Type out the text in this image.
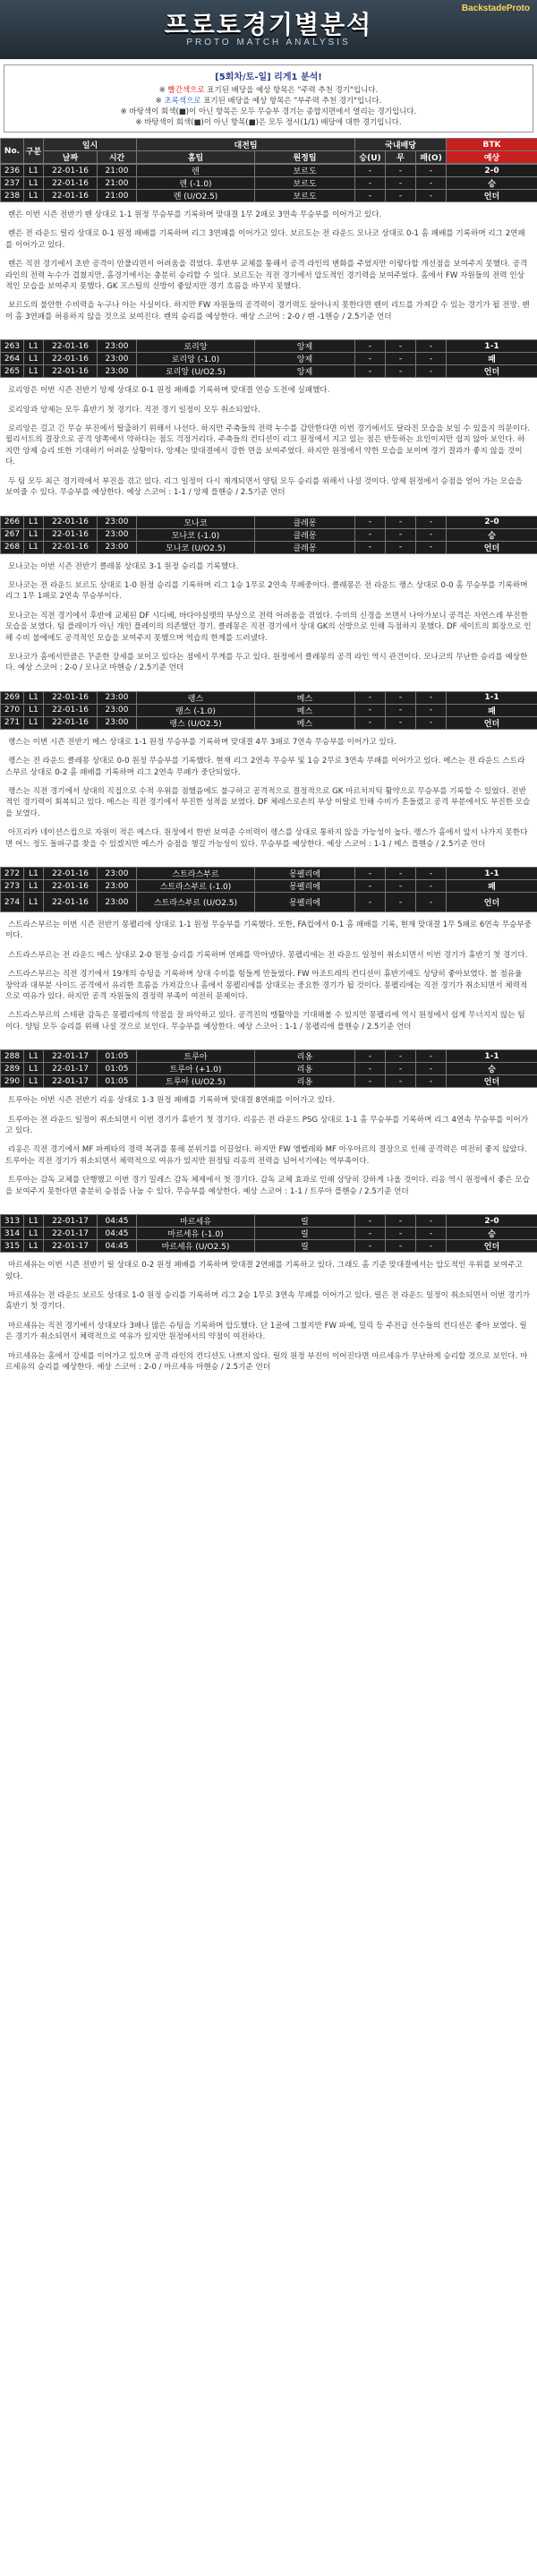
BackstadeProto
프로토경기별분석
PROTO MATCH ANALYSIS
[5회차/토-일] 리게1 분석!
※ 빨간색으로 표기된 배당을 예상 항목은 "주력 추천 경기"입니다.
※ 초록색으로 표기된 배당을 예상 항목은 "부주력 추천 경기"입니다.
※ 바탕색이 회색(■)이 아닌 항목은 모두 무승부 경기는 종합지면에서 열리는 경기입니다.
※ 바탕색이 회색(■)이 아닌 항목(■)은 모두 정시(1/1) 배당에 대한 경기입니다.
No.	구분	일시		대전팀		국내배당			BTK
		날짜	시간	홈팀	원정팀	승(U)	무	패(O)	예상
236	L1	22-01-16	21:00	렌	보르도	-	-	-	2-0
237	L1	22-01-16	21:00	렌 (-1.0)	보르도	-	-	-	승
238	L1	22-01-16	21:00	렌 (U/O2.5)	보르도	-	-	-	언더

렌은 이번 시즌 전반기 렌 상대로 1-1 원정 무승부를 기록하며 맞대결 1무 2패로 3연속 무승부를 이어가고 있다.

렌은 전 라운드 릴리 상대로 0-1 원정 패배를 기록하며 리그 3연패를 이어가고 있다. 보르도는 전 라운드 모나코 상대로 0-1 홈 패배를 기록하며 리그 2연패를 이어가고 있다.

렌은 직전 경기에서 초반 공격이 안풀리면서 어려움을 겪었다. 후반부 교체를 통해서 공격 라인의 변화를 주었지만 이렇다할 개선점을 보여주지 못했다. 공격라인의 전력 누수가 겹쳤지만, 홈경기에서는 충분히 승리할 수 있다. 보르도는 직전 경기에서 압도적인 경기력을 보여주었다. 홈에서 FW 자원들의 전력 인상적인 모습을 보여주지 못했다. GK 프스틸의 선방이 좋았지만 경기 흐름을 바꾸지 못했다.

보르도의 불안한 수비력을 누구나 아는 사실이다. 하지만 FW 자원들의 공격력이 경기력도 살아나지 못한다면 렌이 리드를 가져갈 수 있는 경기가 될 전망. 렌이 홈 3연패를 허용하지 않을 것으로 보여진다. 렌의 승리를 예상한다. 예상 스코어 : 2-0 / 렌 -1핸승 / 2.5기준 언더

263	L1	22-01-16	23:00	로리앙	앙제	-	-	-	1-1
264	L1	22-01-16	23:00	로리앙 (-1.0)	앙제	-	-	-	패
265	L1	22-01-16	23:00	로리앙 (U/O2.5)	앙제	-	-	-	언더

로리앙은 이번 시즌 전반기 앙제 상대로 0-1 원정 패배를 기록하며 맞대결 연승 도전에 실패했다.

로리앙과 앙제는 모두 휴반기 첫 경기다. 직전 경기 일정이 모두 취소되었다.

로리앙은 길고 긴 무승 부진에서 탈출하기 위해서 나선다. 하지만 주축들의 전력 누수를 감안한다면 이번 경기에서도 달라진 모습을 보일 수 있을지 의문이다. 윌리서트의 결장으로 공격 양쪽에서 약하다는 점도 걱정거리다. 주축들의 컨디션이 리그 원정에서 지고 있는 점은 반등하는 요인이지만 쉽지 않아 보인다. 하지만 앙제 승리 또한 기대하기 어려운 상황이다. 앙제는 맞대결에서 강한 면을 보여주었다. 하지만 원정에서 약한 모습을 보이며 경기 결과가 좋지 않을 것이다.

두 팀 모두 최근 경기력에서 부진을 겪고 있다. 리그 일정이 다시 재개되면서 양팀 모두 승리를 위해서 나설 것이다. 앙제 원정에서 승점을 얻어 가는 모습을 보여줄 수 있다. 무승부를 예상한다. 예상 스코어 : 1-1 / 앙제 플핸승 / 2.5기준 언더

266	L1	22-01-16	23:00	모나코	클레몽	-	-	-	2-0
267	L1	22-01-16	23:00	모나코 (-1.0)	클레몽	-	-	-	승
268	L1	22-01-16	23:00	모나코 (U/O2.5)	클레몽	-	-	-	언더

모나코는 이번 시즌 전반기 클레몽 상대로 3-1 원정 승리를 기록했다.

모나코는 전 라운드 보르도 상대로 1-0 원정 승리를 기록하며 리그 1승 1무로 2연속 무패중이다. 클레몽은 전 라운드 랭스 상대로 0-0 홈 무승부를 기록하며 리그 1무 1패로 2연속 무승부이다.

모나코는 직전 경기에서 후반에 교체된 DF 시디베, 바다야실렛의 부상으로 전력 어려움을 겪었다. 수비의 신경을 쓰면서 나아가보니 공격은 자연스레 부진한 모습을 보였다. 팀 플레이가 아닌 개인 플레이의 의존했던 경기. 클레몽은 직전 경기에서 상대 GK의 선방으로 인해 득점하지 못했다. DF 세이트의 회장으로 인해 수비 불에에도 공격적인 모습을 보여주지 못했으며 역습의 한계를 드러냈다.

모나코가 홈에서만큼은 꾸준한 강세를 보이고 있다는 점에서 무게를 두고 있다. 원정에서 클레몽의 공격 라인 역시 관건이다. 모나코의 무난한 승리를 예상한다. 예상 스코어 : 2-0 / 모나코 마핸승 / 2.5기준 언더

269	L1	22-01-16	23:00	랭스	메스	-	-	-	1-1
270	L1	22-01-16	23:00	랭스 (-1.0)	메스	-	-	-	패
271	L1	22-01-16	23:00	랭스 (U/O2.5)	메스	-	-	-	언더

랭스는 이번 시즌 전반기 메스 상대로 1-1 원정 무승부를 기록하며 맞대결 4무 3패로 7연속 무승부를 이어가고 있다.

랭스는 전 라운드 클레몽 상대로 0-0 원정 무승부를 기록했다. 현재 리그 2연속 무승부 및 1승 2무로 3연속 무패를 이어가고 있다. 메스는 전 라운드 스트라스부르 상대로 0-2 홈 패배를 기록하며 리그 2연속 무패가 중단되었다.

랭스는 직전 경기에서 상대의 직접으로 수적 우위를 점했음에도 불구하고 공격적으로 결정적으로 GK 마르치지틱 활약으로 무승부를 기록할 수 있었다. 전반적인 경기력이 회복되고 있다. 메스는 직전 경기에서 부진한 성적을 보였다. DF 체레스로손의 부상 이탈로 인해 수비가 흔들렸고 공격 부분에서도 부진한 모습을 보였다.

아프리카 네이션스컵으로 자원이 적은 메스다. 원정에서 한번 보여준 수비력이 랭스를 상대로 통하지 않을 가능성이 높다. 랭스가 홈에서 앞서 나가지 못한다면 어느 정도 돌파구를 찾을 수 있겠지만 메스가 승점을 챙길 가능성이 있다. 무승부를 예상한다. 예상 스코어 : 1-1 / 메스 플핸승 / 2.5기준 언더

272	L1	22-01-16	23:00	스트라스부르	몽펠리에	-	-	-	1-1
273	L1	22-01-16	23:00	스트라스부르 (-1.0)	몽펠리에	-	-	-	패
274	L1	22-01-16	23:00	스트라스부르 (U/O2.5)	몽펠리에	-	-	-	언더

스트라스부르는 이번 시즌 전반기 몽펠리에 상대로 1-1 원정 무승부를 기록했다. 또한, FA컵에서 0-1 홈 패배를 기록, 현재 맞대결 1무 5패로 6연속 무승부중이다.

스트라스부르는 전 라운드 메스 상대로 2-0 원정 승리를 기록하며 연패를 막아냈다. 몽펠리에는 전 라운드 일정이 취소되면서 이번 경기가 휴반기 첫 경기다.

스트라스부르는 직전 경기에서 19개의 슈팅을 기록하며 상대 수비를 힘들게 만들었다. FW 아조트레의 컨디션이 휴반기에도 상당히 좋아보였다. 볼 점유율 장악과 대부분 사이드 공격에서 유리한 흐름을 가져갔으나 홈에서 몽펠리에를 상대로는 중요한 경기가 될 것이다. 몽펠리에는 직전 경기가 취소되면서 체력적으로 여유가 있다. 하지만 공격 자원들의 결정력 부족이 여전히 문제이다.

스트라스부르의 스테판 감독은 몽펠리에의 약점을 잘 파악하고 있다. 공격진의 맹활약을 기대해볼 수 있지만 몽펠리에 역시 원정에서 쉽게 무너지지 않는 팀이다. 양팀 모두 승리를 위해 나설 것으로 보인다. 무승부를 예상한다. 예상 스코어 : 1-1 / 몽펠리에 플핸승 / 2.5기준 언더

288	L1	22-01-17	01:05	트루아	리옹	-	-	-	1-1
289	L1	22-01-17	01:05	트루아 (+1.0)	리옹	-	-	-	승
290	L1	22-01-17	01:05	트루아 (U/O2.5)	리옹	-	-	-	언더

트루아는 이번 시즌 전반기 리옹 상대로 1-3 원정 패배를 기록하며 맞대결 8연패를 이어가고 있다.

트루아는 전 라운드 일정이 취소되면서 이번 경기가 휴반기 첫 경기다. 리옹은 전 라운드 PSG 상대로 1-1 홈 무승부를 기록하며 리그 4연속 무승부를 이어가고 있다.

리옹은 직전 경기에서 MF 파케타의 경력 복귀를 통해 분위기를 이끌었다. 하지만 FW 엠벨레와 MF 아우아르의 결장으로 인해 공격력은 여전히 좋지 않았다. 트루아는 직전 경기가 취소되면서 체력적으로 여유가 있지만 원정팀 리옹의 전력을 넘어서기에는 역부족이다.

트루아는 감독 교체를 단행했고 이번 경기 밀레스 감독 체제에서 첫 경기다. 감독 교체 효과로 인해 상당히 강하게 나올 것이다. 리옹 역시 원정에서 좋은 모습을 보여주지 못한다면 충분히 승점을 나눌 수 있다. 무승부를 예상한다. 예상 스코어 : 1-1 / 트루아 플핸승 / 2.5기준 언더

313	L1	22-01-17	04:45	마르세유	릴	-	-	-	2-0
314	L1	22-01-17	04:45	마르세유 (-1.0)	릴	-	-	-	승
315	L1	22-01-17	04:45	마르세유 (U/O2.5)	릴	-	-	-	언더

마르세유는 이번 시즌 전반기 릴 상대로 0-2 원정 패배를 기록하며 맞대결 2연패를 기록하고 있다. 그래도 홈 기준 맞대결에서는 압도적인 우위를 보여주고 있다.

마르세유는 전 라운드 보르도 상대로 1-0 원정 승리를 기록하며 리그 2승 1무로 3연속 무패를 이어가고 있다. 릴은 전 라운드 일정이 취소되면서 이번 경기가 휴반기 첫 경기다.

마르세유는 직전 경기에서 상대보다 3배나 많은 슈팅을 기록하며 압도했다. 단 1골에 그쳤지만 FW 파예, 밀릭 등 주전급 선수들의 컨디션은 좋아 보였다. 릴은 경기가 취소되면서 체력적으로 여유가 있지만 원정에서의 약점이 여전하다.

마르세유는 홈에서 강세를 이어가고 있으며 공격 라인의 컨디션도 나쁘지 않다. 릴의 원정 부진이 이어진다면 마르세유가 무난하게 승리할 것으로 보인다. 마르세유의 승리를 예상한다. 예상 스코어 : 2-0 / 마르세유 마핸승 / 2.5기준 언더
